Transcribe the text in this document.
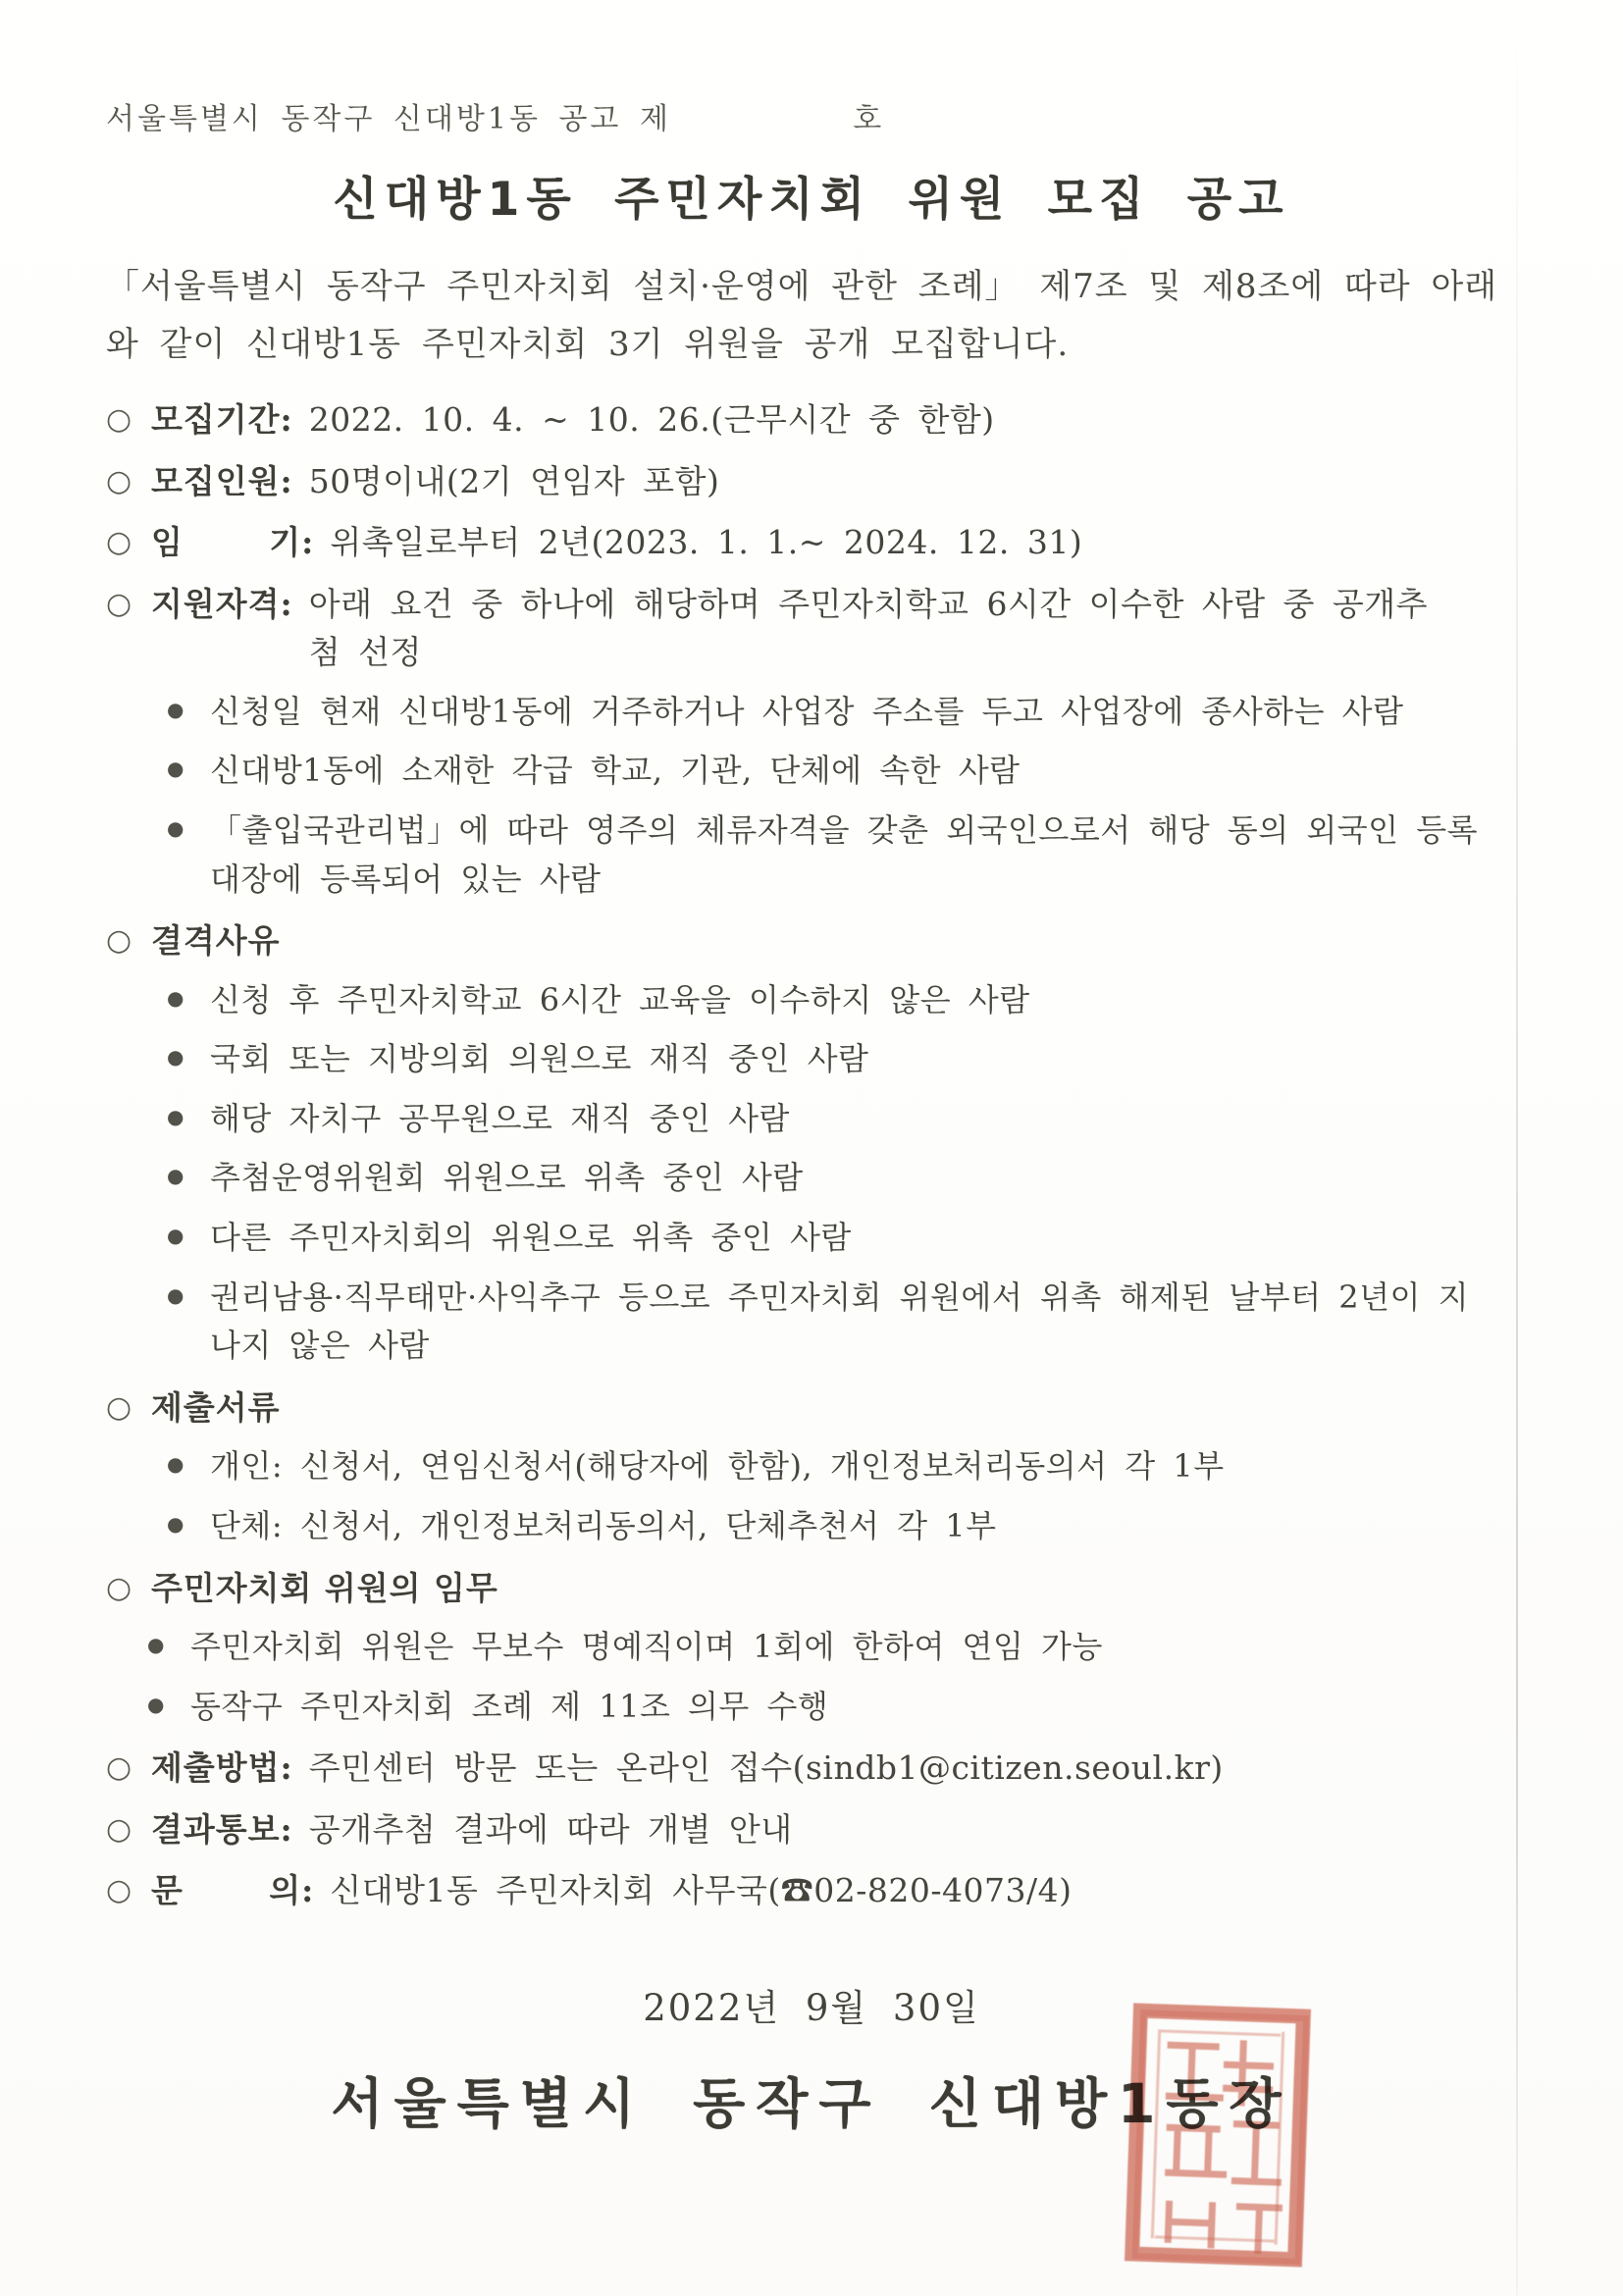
서울특별시 동작구 신대방1동 공고 제          호
신대방1동 주민자치회 위원 모집 공고
「서울특별시 동작구 주민자치회 설치·운영에 관한 조례」 제7조 및 제8조에 따라 아래와 같이 신대방1동 주민자치회 3기 위원을 공개 모집합니다.
○ 모집기간: 2022. 10. 4. ~ 10. 26.(근무시간 중 한함)
○ 모집인원: 50명이내(2기 연임자 포함)
○ 임       기: 위촉일로부터 2년(2023. 1. 1.~ 2024. 12. 31)
○ 지원자격: 아래 요건 중 하나에 해당하며 주민자치학교 6시간 이수한 사람 중 공개추첨 선정
● 신청일 현재 신대방1동에 거주하거나 사업장 주소를 두고 사업장에 종사하는 사람
● 신대방1동에 소재한 각급 학교, 기관, 단체에 속한 사람
● 「출입국관리법」에 따라 영주의 체류자격을 갖춘 외국인으로서 해당 동의 외국인 등록대장에 등록되어 있는 사람
○ 결격사유
● 신청 후 주민자치학교 6시간 교육을 이수하지 않은 사람
● 국회 또는 지방의회 의원으로 재직 중인 사람
● 해당 자치구 공무원으로 재직 중인 사람
● 추첨운영위원회 위원으로 위촉 중인 사람
● 다른 주민자치회의 위원으로 위촉 중인 사람
● 권리남용·직무태만·사익추구 등으로 주민자치회 위원에서 위촉 해제된 날부터 2년이 지나지 않은 사람
○ 제출서류
● 개인: 신청서, 연임신청서(해당자에 한함), 개인정보처리동의서 각 1부
● 단체: 신청서, 개인정보처리동의서, 단체추천서 각 1부
○ 주민자치회 위원의 임무
● 주민자치회 위원은 무보수 명예직이며 1회에 한하여 연임 가능
● 동작구 주민자치회 조례 제 11조 의무 수행
○ 제출방법: 주민센터 방문 또는 온라인 접수(sindb1@citizen.seoul.kr)
○ 결과통보: 공개추첨 결과에 따라 개별 안내
○ 문       의: 신대방1동 주민자치회 사무국(☎02-820-4073/4)
2022년 9월 30일
서울특별시 동작구 신대방1동장
